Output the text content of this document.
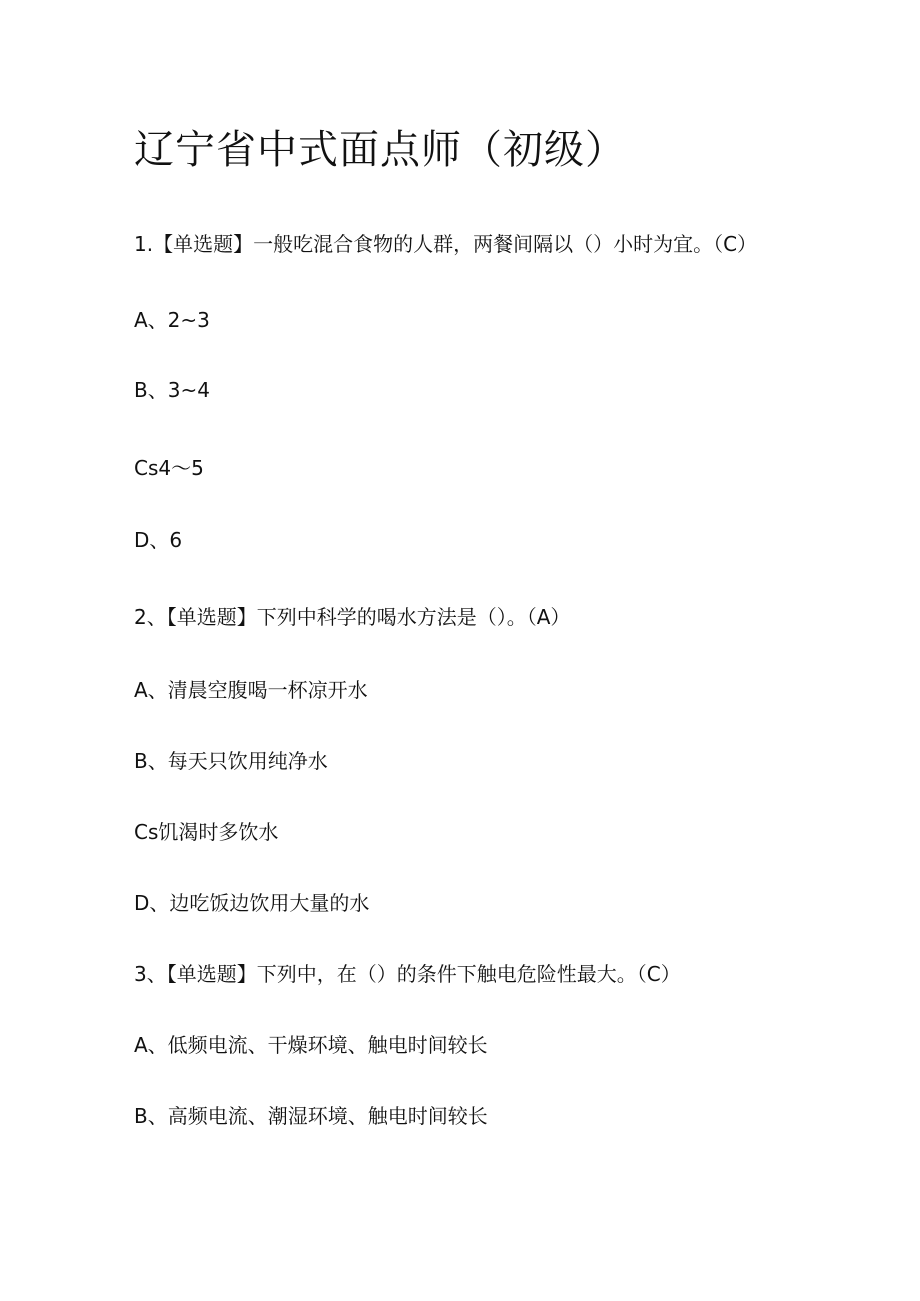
辽宁省中式面点师（初级）

1.【单选题】一般吃混合食物的人群，两餐间隔以（）小时为宜。（C）

A、2~3

B、3~4

Cs4～5

D、6

2、【单选题】下列中科学的喝水方法是（）。（A）

A、清晨空腹喝一杯凉开水

B、每天只饮用纯净水

Cs饥渴时多饮水

D、边吃饭边饮用大量的水

3、【单选题】下列中，在（）的条件下触电危险性最大。（C）

A、低频电流、干燥环境、触电时间较长

B、高频电流、潮湿环境、触电时间较长
